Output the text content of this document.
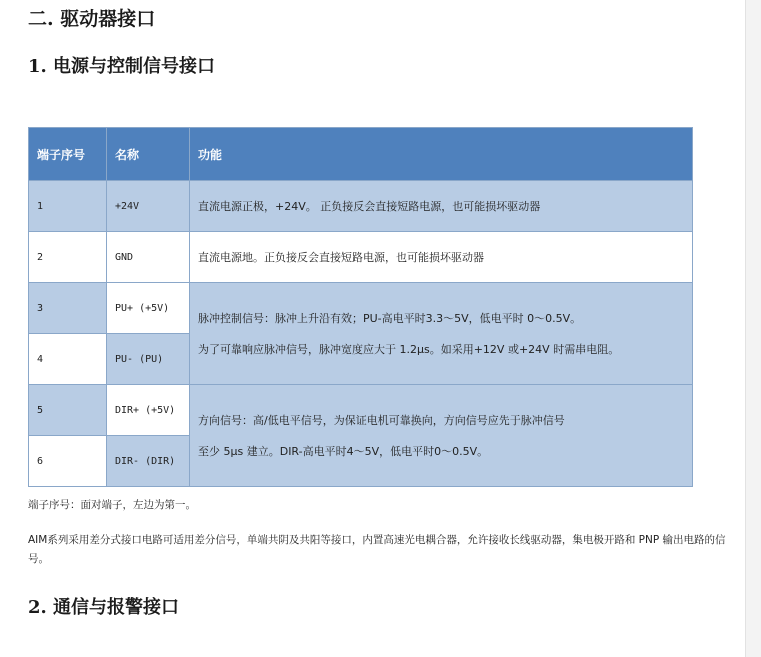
二. 驱动器接口
1. 电源与控制信号接口
端子序号	名称	功能
1	+24V	直流电源正极，+24V。 正负接反会直接短路电源，也可能损坏驱动器
2	GND	直流电源地。正负接反会直接短路电源，也可能损坏驱动器
3	PU+ (+5V)	脉冲控制信号：脉冲上升沿有效；PU-高电平时3.3～5V，低电平时 0～0.5V。
为了可靠响应脉冲信号，脉冲宽度应大于 1.2μs。如采用+12V 或+24V 时需串电阻。

4	PU- (PU)	
5	DIR+ (+5V)	方向信号：高/低电平信号，为保证电机可靠换向，方向信号应先于脉冲信号
至少 5μs 建立。DIR-高电平时4～5V，低电平时0～0.5V。

6	DIR- (DIR)	

端子序号：面对端子，左边为第一。

AIM系列采用差分式接口电路可适用差分信号，单端共阴及共阳等接口，内置高速光电耦合器，允许接收长线驱动器，集电极开路和 PNP 输出电路的信号。

2. 通信与报警接口
